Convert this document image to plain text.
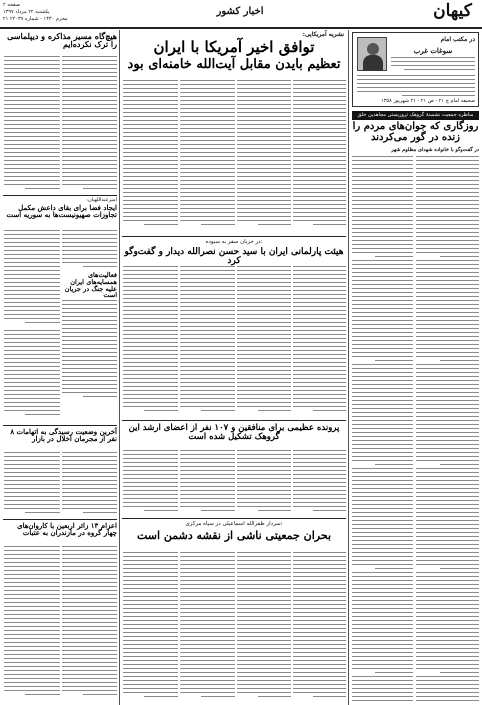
صفحه ۲
یکشنبه ۲۲ مرداد ۱۳۹۷
۲۱ محرم ۱۴۴۰ - شماره ۲۲۰۳۷
اخبار کشور	کیهان
هیچ‌گاه مسیر مذاکره و دیپلماسی را ترک نکرده‌ایم
امیرعبداللهیان:
ایجاد فضا برای بقای داعش مکمل تجاوزات صهیونیست‌ها به سوریه است
فعالیت‌های همسایه‌های ایران علیه جنگ در جریان است
آخرین وضعیت رسیدگی به اتهامات ۸ نفر از مجرمان اخلال در بازار
اعزام ۱۳ زائر اربعین با کاروان‌های چهار گروه در مازندران به عتبات
نشریه آمریکایی:
توافق اخیر آمریکا با ایران
تعظیم بایدن مقابل آیت‌الله خامنه‌ای بود
در جریان سفر به سیوده:
هیئت پارلمانی ایران با سید حسن نصرالله دیدار و گفت‌وگو کرد
پرونده عظیمی برای منافقین و ۱۰۷ نفر از اعضای ارشد این گروهک تشکیل شده است
سردار ظفرالله اسماعیلی در سپاه مرکزی:
بحران جمعیتی ناشی از نقشه دشمن است
در مکتب امام
سوغات غرب
صحیفه امام ج ۲۱ - ص ۲۱ - ۲۱ شهریور ۱۳۵۸
مناظره جمعیت نشستهٔ گروهک تروریستی مجاهدین خلق
روزگاری که جوان‌های مردم را زنده در گور می‌کردند
در گفت‌وگو با خانواده شهدای مظلوم شهر
